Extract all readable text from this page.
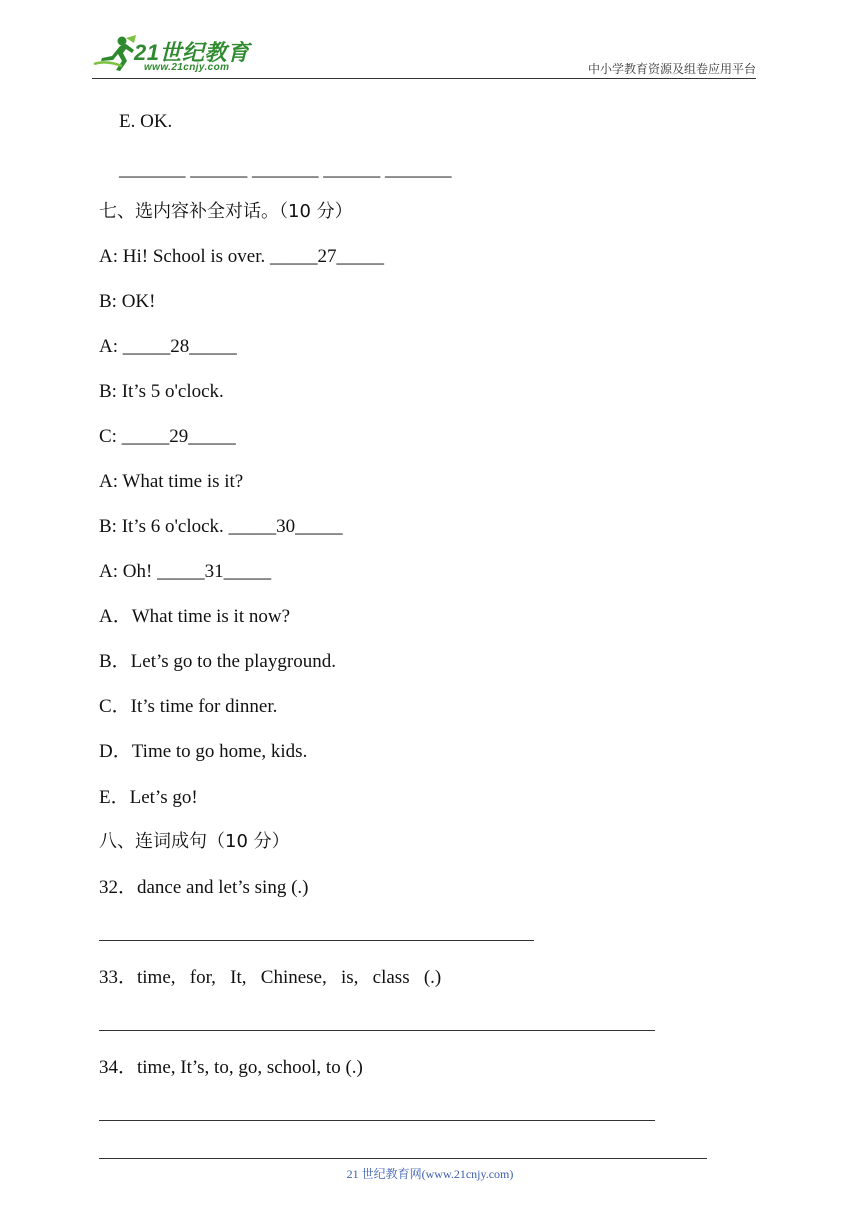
21世纪教育
www.21cnjy.com	中小学教育资源及组卷应用平台
E. OK.
_______ ______ _______ ______ _______
七、选内容补全对话。（10 分）
A: Hi! School is over. _____27_____
B: OK!
A: _____28_____
B: It’s 5 o'clock.
C: _____29_____
A: What time is it?
B: It’s 6 o'clock. _____30_____
A: Oh! _____31_____
A．What time is it now?
B．Let’s go to the playground.
C．It’s time for dinner.
D．Time to go home, kids.
E．Let’s go!
八、连词成句（10 分）
32．dance and let’s sing (.)
33．time,   for,   It,   Chinese,   is,   class   (.)
34．time, It’s, to, go, school, to (.)
21 世纪教育网(www.21cnjy.com)
